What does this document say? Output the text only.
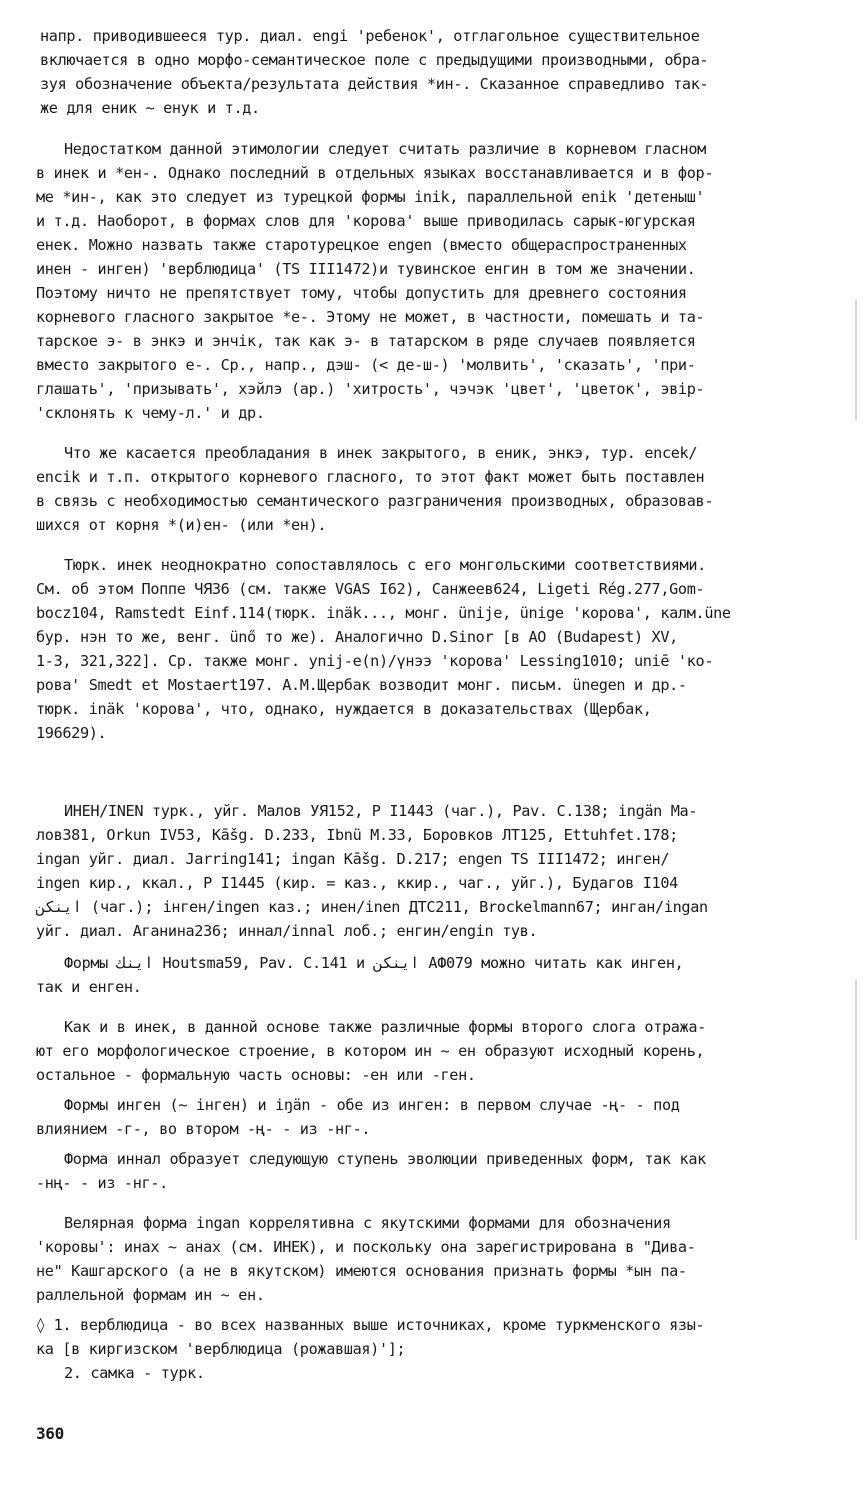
напр. приводившееся тур. диал. engi 'ребенок', отглагольное существительное
включается в одно морфо-семантическое поле с предыдущими производными, обра-
зуя обозначение объекта/результата действия *ин-. Сказанное справедливо так-
же для еник ~ енук и т.д.
Недостатком данной этимологии следует считать различие в корневом гласном
в инек и *ен-. Однако последний в отдельных языках восстанавливается и в фор-
ме *ин-, как это следует из турецкой формы inik, параллельной enik 'детеныш'
и т.д. Наоборот, в формах слов для 'корова' выше приводилась сарык-югурская
енек. Можно назвать также старотурецкое engen (вместо общераспространенных
инен - инген) 'верблюдица' (TS III1472)и тувинское енгин в том же значении.
Поэтому ничто не препятствует тому, чтобы допустить для древнего состояния
корневого гласного закрытое *е-. Этому не может, в частности, помешать и та-
тарское э- в энкэ и энчік, так как э- в татарском в ряде случаев появляется
вместо закрытого е-. Ср., напр., дэш- (< де-ш-) 'молвить', 'сказать', 'при-
глашать', 'призывать', хэйлэ (ар.) 'хитрость', чэчэк 'цвет', 'цветок', эвір-
'склонять к чему-л.' и др.
Что же касается преобладания в инек закрытого, в еник, энкэ, тур. encek/
encik и т.п. открытого корневого гласного, то этот факт может быть поставлен
в связь с необходимостью семантического разграничения производных, образовав-
шихся от корня *(и)ен- (или *ен).
Тюрк. инек неоднократно сопоставлялось с его монгольскими соответствиями.
См. об этом Поппе ЧЯ36 (см. также VGAS I62), Санжеев624, Ligeti Rég.277,Gom-
bocz104, Ramstedt Einf.114(тюрк. inäk..., монг. ünije, ünige 'корова', калм.ünе
бур. нэн то же, венг. ünő то же). Аналогично D.Sinor [в AO (Budapest) XV,
1-3, 321,322]. Ср. также монг. ynij-e(n)/үнээ 'корова' Lessing1010; uniē 'ко-
рова' Smedt et Mostaert197. А.М.Щербак возводит монг. письм. ünegen и др.-
тюрк. inäk 'корова', что, однако, нуждается в доказательствах (Щербак,
196629).
ИНЕН/INEN турк., уйг. Малов УЯ152, Р I1443 (чаг.), Pav. C.138; ingän Ma-
лов381, Orkun IV53, Kāšg. D.233, Ibnü M.33, Боровков ЛТ125, Ettuhfet.178;
ingan уйг. диал. Jarring141; ingan Kāšg. D.217; engen TS III1472; инген/
ingen кир., ккал., Р I1445 (кир. = каз., ккир., чаг., уйг.), Будагов I104
اينكن (чаг.); інген/ingen каз.; инен/inen ДТС211, Brockelmann67; инган/ingan
уйг. диал. Аганина236; иннал/innal лоб.; енгин/engin тув.
Формы اينك Houtsma59, Pav. C.141 и اينكن АФ079 можно читать как инген,
так и енген.
Как и в инек, в данной основе также различные формы второго слога отража-
ют его морфологическое строение, в котором ин ~ ен образуют исходный корень,
остальное - формальную часть основы: -ен или -ген.
Формы инген (~ інген) и iŋän - обе из инген: в первом случае -ң- - под
влиянием -г-, во втором -ң- - из -нг-.
Форма иннал образует следующую ступень эволюции приведенных форм, так как
-нң- - из -нг-.
Велярная форма ingan коррелятивна с якутскими формами для обозначения
'коровы': инах ~ анах (см. ИНЕК), и поскольку она зарегистрирована в "Дива-
не" Кашгарского (а не в якутском) имеются основания признать формы *ын па-
раллельной формам ин ~ ен.
◊ 1. верблюдица - во всех названных выше источниках, кроме туркменского язы-
ка [в киргизском 'верблюдица (рожавшая)'];
2. самка - турк.
360
